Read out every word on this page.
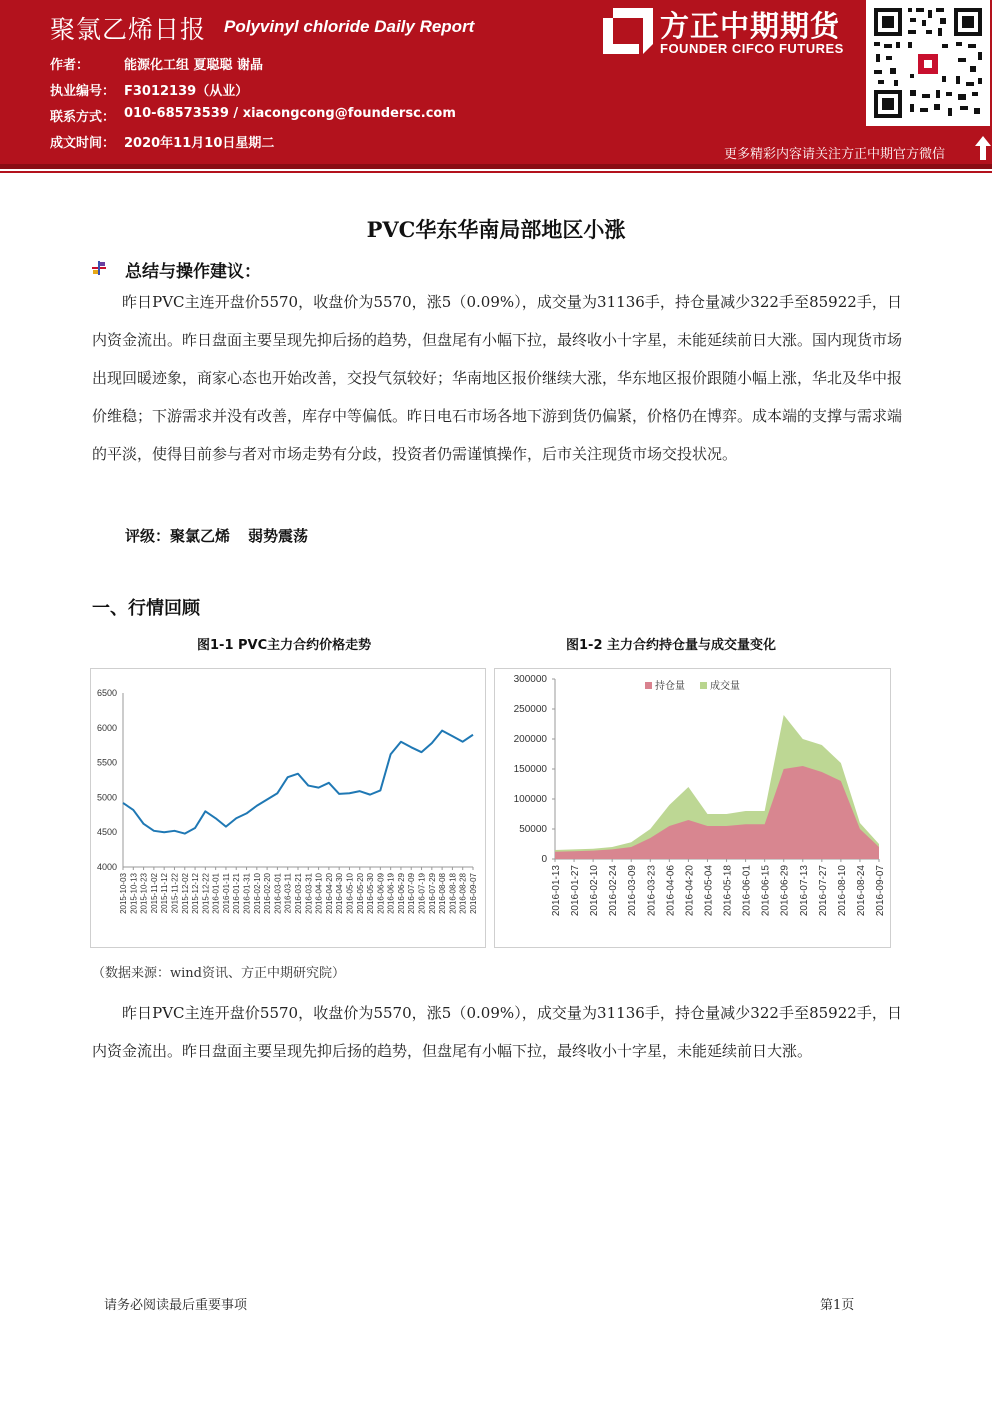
聚氯乙烯日报 Polyvinyl chloride Daily Report
作者：	能源化工组 夏聪聪 谢晶
执业编号： F3012139（从业）
联系方式： 010-68573539 / xiacongcong@foundersc.com
成文时间： 2020年11月10日星期二
方正中期期货
FOUNDER CIFCO FUTURES
更多精彩内容请关注方正中期官方微信
PVC华东华南局部地区小涨
总结与操作建议：
昨日PVC主连开盘价5570，收盘价为5570，涨5（0.09%），成交量为31136手，持仓量减少322手至85922手，日内资金流出。昨日盘面主要呈现先抑后扬的趋势，但盘尾有小幅下拉，最终收小十字星，未能延续前日大涨。国内现货市场出现回暖迹象，商家心态也开始改善，交投气氛较好；华南地区报价继续大涨，华东地区报价跟随小幅上涨，华北及华中报价维稳；下游需求并没有改善，库存中等偏低。昨日电石市场各地下游到货仍偏紧，价格仍在博弈。成本端的支撑与需求端的平淡，使得目前参与者对市场走势有分歧，投资者仍需谨慎操作，后市关注现货市场交投状况。
评级：聚氯乙烯 弱势震荡
一、行情回顾
图1-1 PVC主力合约价格走势	图1-2 主力合约持仓量与成交量变化
4000
4500
5000
5500
6000
6500
2015-10-03 2015-10-13 2015-10-23 2015-11-02 2015-11-12 2015-11-22 2015-12-02 2015-12-12 2015-12-22 2016-01-01 2016-01-11 2016-01-21 2016-01-31 2016-02-10 2016-02-20 2016-03-01 2016-03-11 2016-03-21 2016-03-31 2016-04-10 2016-04-20 2016-04-30 2016-05-10 2016-05-20 2016-05-30 2016-06-09 2016-06-19 2016-06-29 2016-07-09 2016-07-19 2016-07-29 2016-08-08 2016-08-18 2016-08-28 2016-09-07
0
50000
100000
150000
200000
250000
300000
2016-01-13 2016-01-27 2016-02-10 2016-02-24 2016-03-09 2016-03-23 2016-04-06 2016-04-20 2016-05-04 2016-05-18 2016-06-01 2016-06-15 2016-06-29 2016-07-13 2016-07-27 2016-08-10 2016-08-24 2016-09-07
持仓量	成交量
（数据来源：wind资讯、方正中期研究院）
昨日PVC主连开盘价5570，收盘价为5570，涨5（0.09%），成交量为31136手，持仓量减少322手至85922手，日内资金流出。昨日盘面主要呈现先抑后扬的趋势，但盘尾有小幅下拉，最终收小十字星，未能延续前日大涨。
请务必阅读最后重要事项	第1页
